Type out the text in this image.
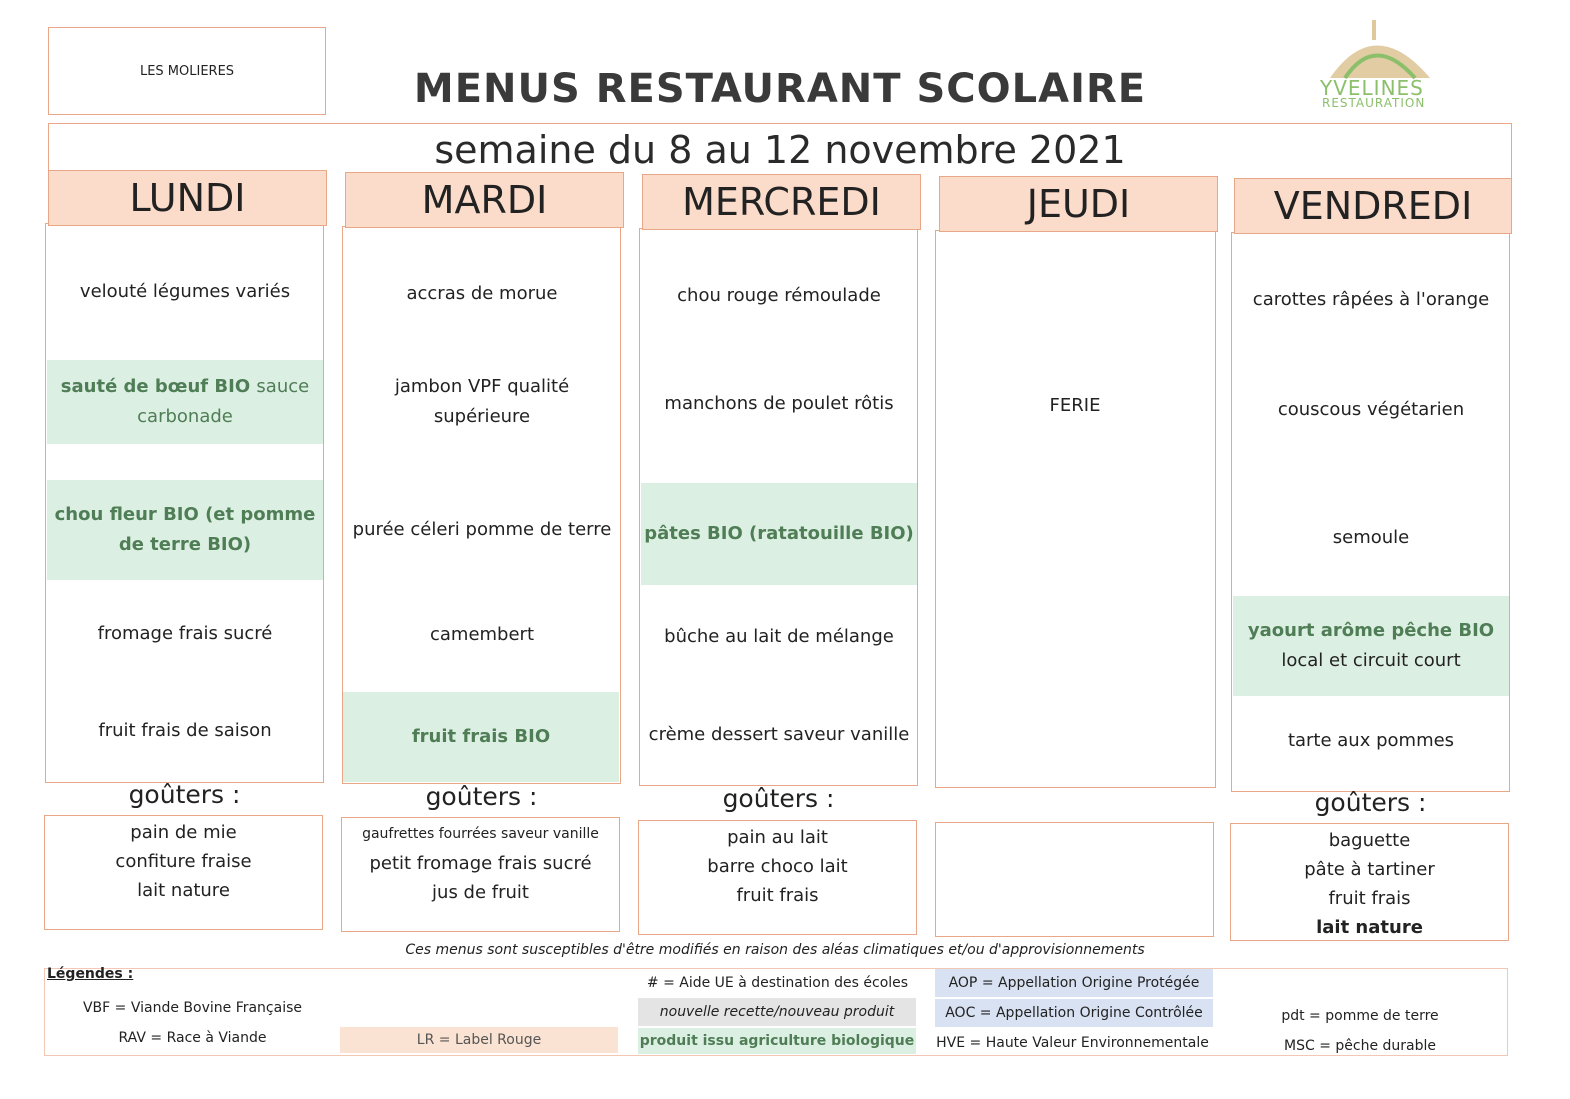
LES MOLIERES	MENUS RESTAURANT SCOLAIRE	YVELINES
RESTAURATION
semaine du 8 au 12 novembre 2021
LUNDI
velouté légumes variés
sauté de bœuf BIO sauce carbonade
chou fleur BIO (et pomme de terre BIO)
fromage frais sucré
fruit frais de saison
goûters :
pain de mie
confiture fraise
lait nature
MARDI
accras de morue
jambon VPF qualité supérieure
purée céleri pomme de terre
camembert
fruit frais BIO
goûters :
gaufrettes fourrées saveur vanille
petit fromage frais sucré
jus de fruit
MERCREDI
chou rouge rémoulade
manchons de poulet rôtis
pâtes BIO (ratatouille BIO)
bûche au lait de mélange
crème dessert saveur vanille
goûters :
pain au lait
barre choco lait
fruit frais
JEUDI
FERIE
VENDREDI
carottes râpées à l'orange
couscous végétarien
semoule
yaourt arôme pêche BIO
local et circuit court
tarte aux pommes
goûters :
baguette
pâte à tartiner
fruit frais
lait nature
Ces menus sont susceptibles d'être modifiés en raison des aléas climatiques et/ou d'approvisionnements
Légendes :
VBF = Viande Bovine Française
RAV = Race à Viande	LR = Label Rouge
# = Aide UE à destination des écoles
nouvelle recette/nouveau produit
produit issu agriculture biologique
AOP = Appellation Origine Protégée
AOC = Appellation Origine Contrôlée
HVE = Haute Valeur Environnementale
pdt = pomme de terre
MSC = pêche durable
